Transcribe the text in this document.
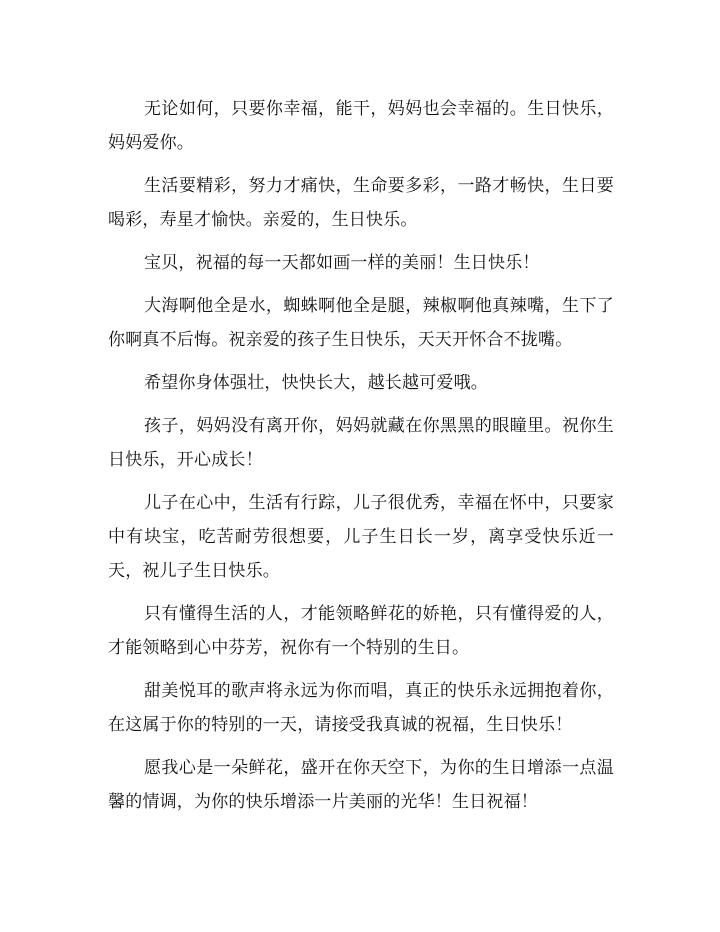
无论如何，只要你幸福，能干，妈妈也会幸福的。生日快乐，妈妈爱你。

生活要精彩，努力才痛快，生命要多彩，一路才畅快，生日要喝彩，寿星才愉快。亲爱的，生日快乐。

宝贝，祝福的每一天都如画一样的美丽！生日快乐！

大海啊他全是水，蜘蛛啊他全是腿，辣椒啊他真辣嘴，生下了你啊真不后悔。祝亲爱的孩子生日快乐，天天开怀合不拢嘴。

希望你身体强壮，快快长大，越长越可爱哦。

孩子，妈妈没有离开你，妈妈就藏在你黑黑的眼瞳里。祝你生日快乐，开心成长！

儿子在心中，生活有行踪，儿子很优秀，幸福在怀中，只要家中有块宝，吃苦耐劳很想要，儿子生日长一岁，离享受快乐近一天，祝儿子生日快乐。

只有懂得生活的人，才能领略鲜花的娇艳，只有懂得爱的人，才能领略到心中芬芳，祝你有一个特别的生日。

甜美悦耳的歌声将永远为你而唱，真正的快乐永远拥抱着你，在这属于你的特别的一天，请接受我真诚的祝福，生日快乐！

愿我心是一朵鲜花，盛开在你天空下，为你的生日增添一点温馨的情调，为你的快乐增添一片美丽的光华！生日祝福！
